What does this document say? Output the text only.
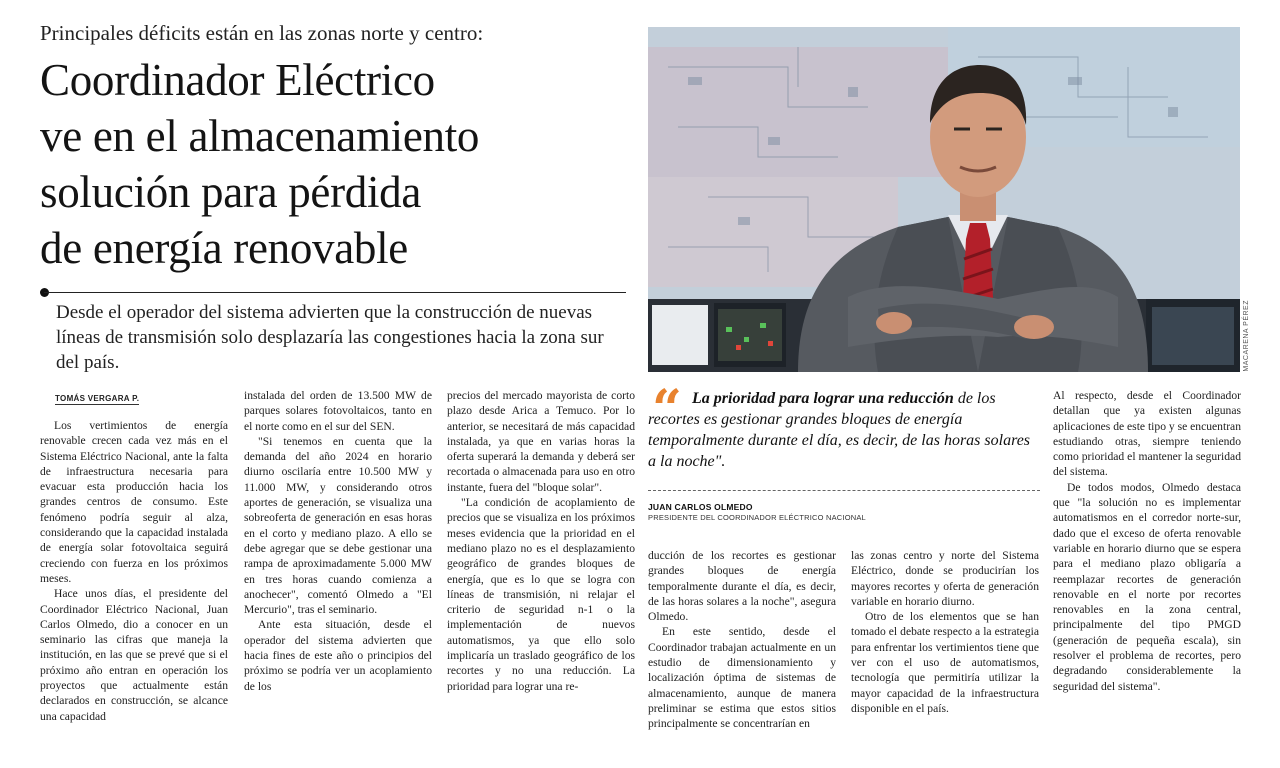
Principales déficits están en las zonas norte y centro:
Coordinador Eléctrico
ve en el almacenamiento
solución para pérdida
de energía renovable
Desde el operador del sistema advierten que la construcción de nuevas líneas de transmisión solo desplazaría las congestiones hacia la zona sur del país.	MACARENA PÉREZ
TOMÁS VERGARA P.

Los vertimientos de energía renovable crecen cada vez más en el Sistema Eléctrico Nacional, ante la falta de infraestructura necesaria para evacuar esta producción hacia los grandes centros de consumo. Este fenómeno podría seguir al alza, considerando que la capacidad instalada de energía solar fotovoltaica seguirá creciendo con fuerza en los próximos meses.

Hace unos días, el presidente del Coordinador Eléctrico Nacional, Juan Carlos Olmedo, dio a conocer en un seminario las cifras que maneja la institución, en las que se prevé que si el próximo año entran en operación los proyectos que actualmente están declarados en construcción, se alcance una capacidad

instalada del orden de 13.500 MW de parques solares fotovoltaicos, tanto en el norte como en el sur del SEN.

"Si tenemos en cuenta que la demanda del año 2024 en horario diurno oscilaría entre 10.500 MW y 11.000 MW, y considerando otros aportes de generación, se visualiza una sobreoferta de generación en esas horas en el corto y mediano plazo. A ello se debe agregar que se debe gestionar una rampa de aproximadamente 5.000 MW en tres horas cuando comienza a anochecer", comentó Olmedo a "El Mercurio", tras el seminario.

Ante esta situación, desde el operador del sistema advierten que hacia fines de este año o principios del próximo se podría ver un acoplamiento de los

precios del mercado mayorista de corto plazo desde Arica a Temuco. Por lo anterior, se necesitará de más capacidad instalada, ya que en varias horas la oferta superará la demanda y deberá ser recortada o almacenada para uso en otro instante, fuera del "bloque solar".

"La condición de acoplamiento de precios que se visualiza en los próximos meses evidencia que la prioridad en el mediano plazo no es el desplazamiento geográfico de grandes bloques de energía, que es lo que se logra con líneas de transmisión, ni relajar el criterio de seguridad n-1 o la implementación de nuevos automatismos, ya que ello solo implicaría un traslado geográfico de los recortes y no una reducción. La prioridad para lograr una re-

“ La prioridad para lograr una reducción de los recortes es gestionar grandes bloques de energía temporalmente durante el día, es decir, de las horas solares a la noche".

JUAN CARLOS OLMEDO
PRESIDENTE DEL COORDINADOR ELÉCTRICO NACIONAL

ducción de los recortes es gestionar grandes bloques de energía temporalmente durante el día, es decir, de las horas solares a la noche", asegura Olmedo.

En este sentido, desde el Coordinador trabajan actualmente en un estudio de dimensionamiento y localización óptima de sistemas de almacenamiento, aunque de manera preliminar se estima que estos sitios principalmente se concentrarían en

las zonas centro y norte del Sistema Eléctrico, donde se producirían los mayores recortes y oferta de generación variable en horario diurno.

Otro de los elementos que se han tomado el debate respecto a la estrategia para enfrentar los vertimientos tiene que ver con el uso de automatismos, tecnología que permitiría utilizar la mayor capacidad de la infraestructura disponible en el país.

Al respecto, desde el Coordinador detallan que ya existen algunas aplicaciones de este tipo y se encuentran estudiando otras, siempre teniendo como prioridad el mantener la seguridad del sistema.

De todos modos, Olmedo destaca que "la solución no es implementar automatismos en el corredor norte-sur, dado que el exceso de oferta renovable variable en horario diurno que se espera para el mediano plazo obligaría a reemplazar recortes de generación renovable en el norte por recortes renovables en la zona central, principalmente del tipo PMGD (generación de pequeña escala), sin resolver el problema de recortes, pero degradando considerablemente la seguridad del sistema".
